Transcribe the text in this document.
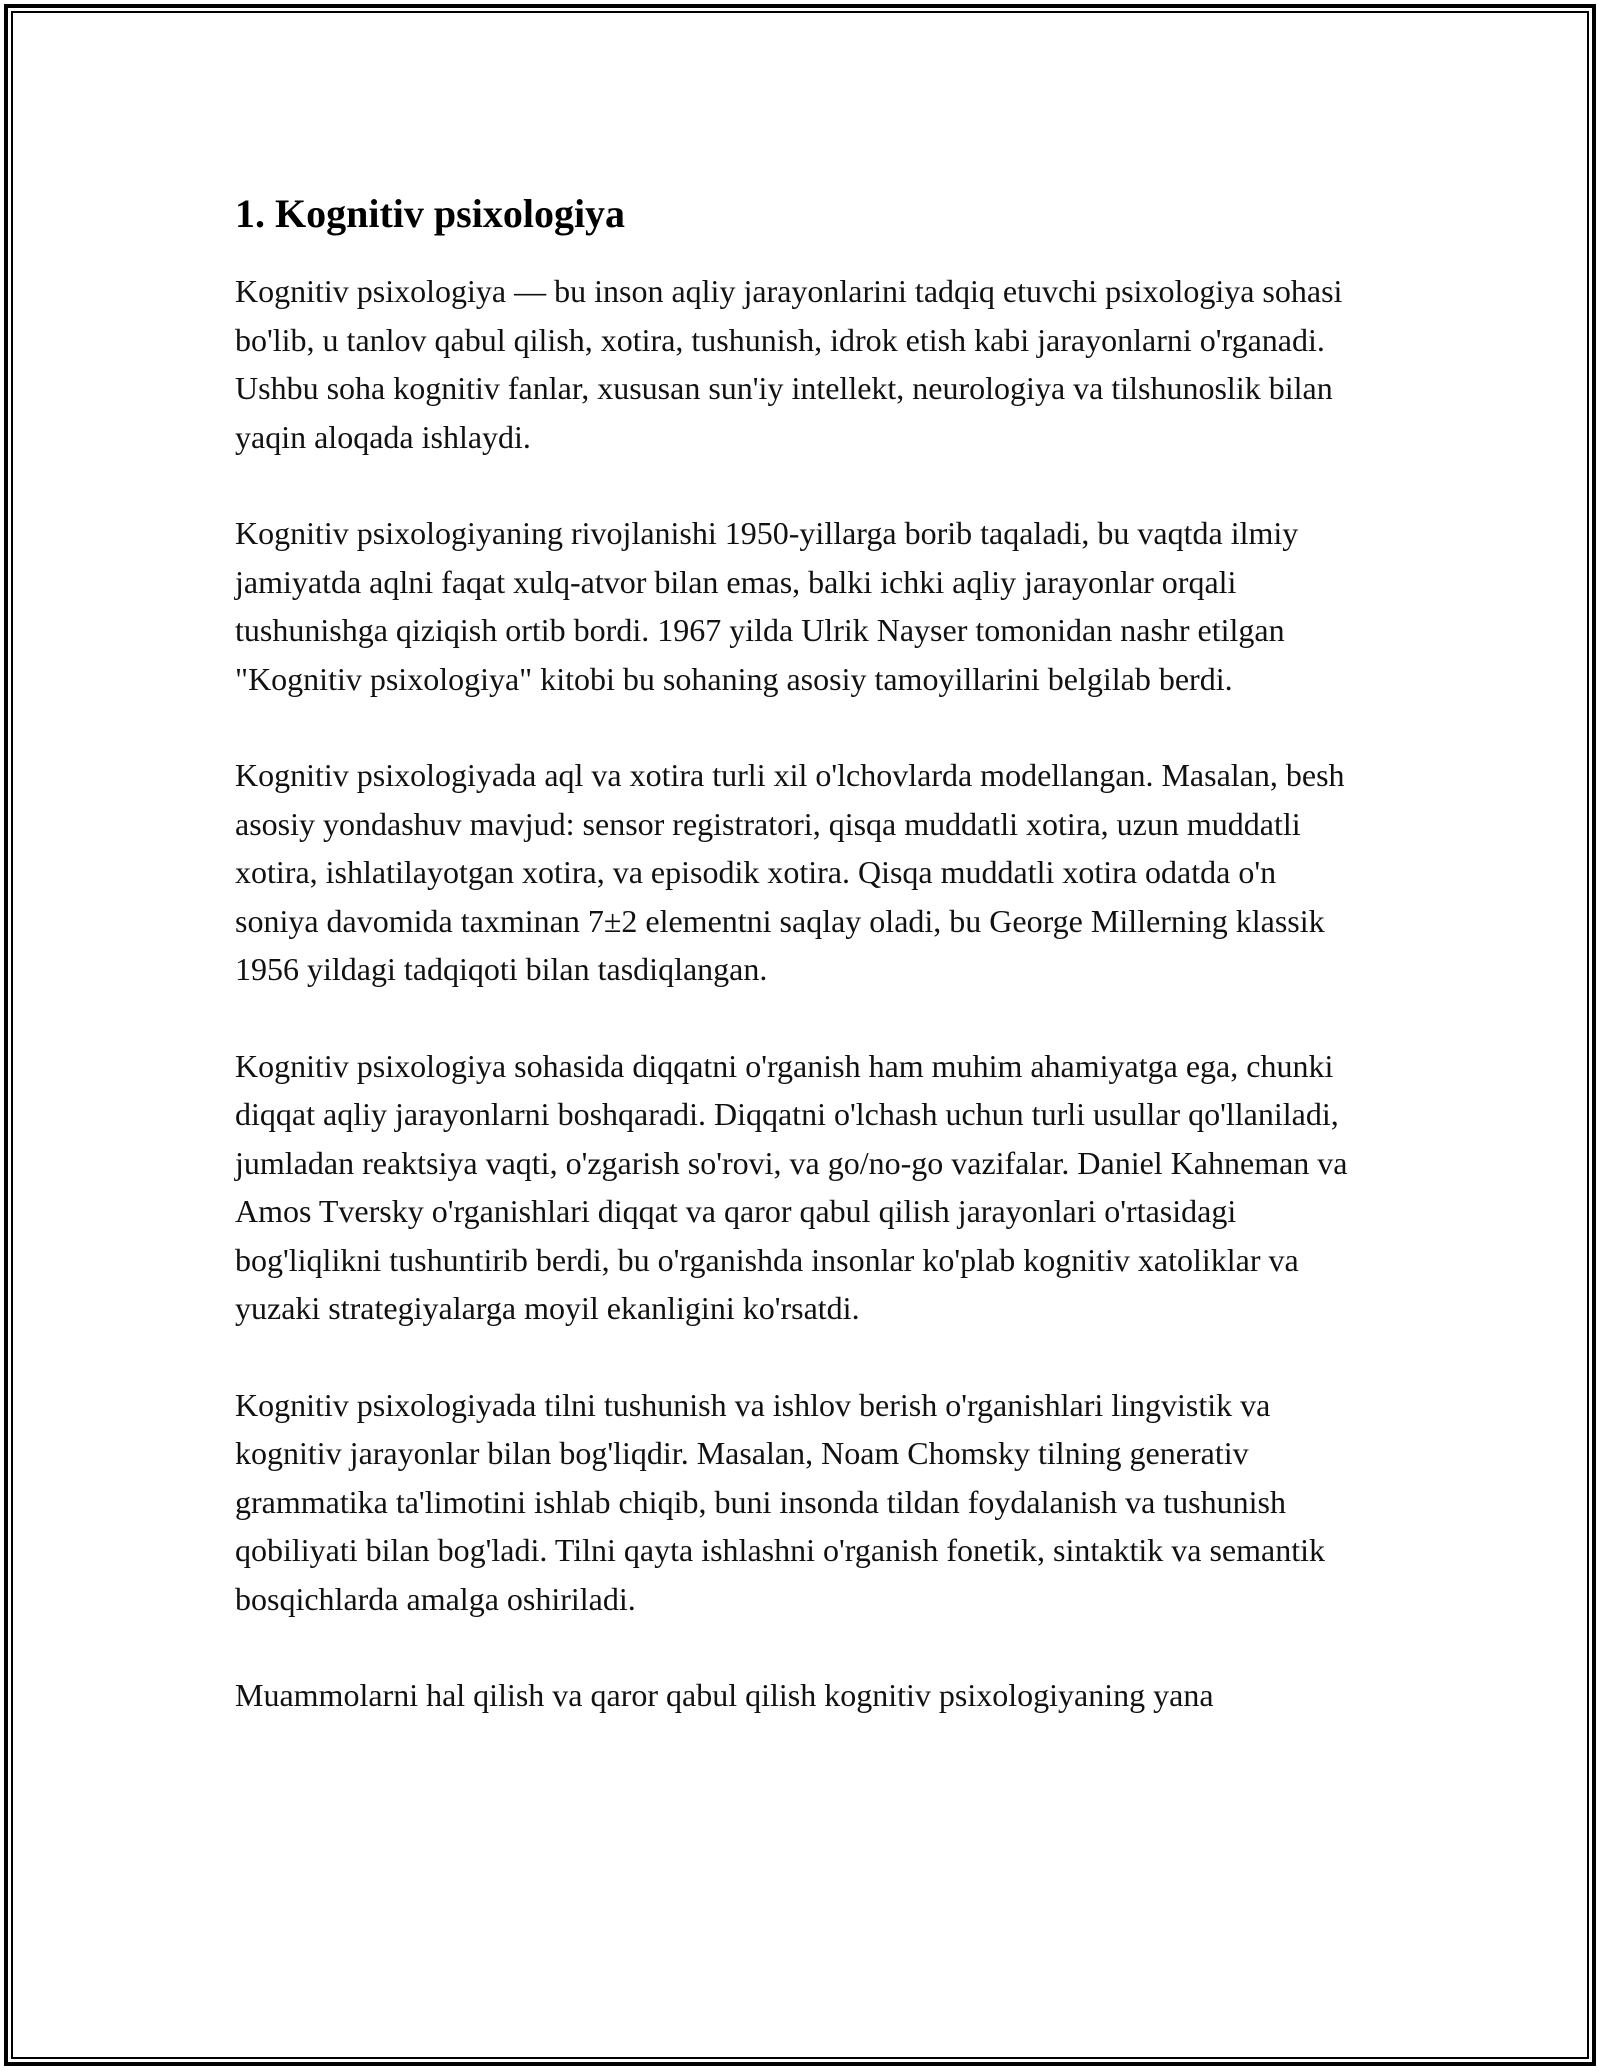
1. Kognitiv psixologiya

Kognitiv psixologiya — bu inson aqliy jarayonlarini tadqiq etuvchi psixologiya sohasi bo'lib, u tanlov qabul qilish, xotira, tushunish, idrok etish kabi jarayonlarni o'rganadi. Ushbu soha kognitiv fanlar, xususan sun'iy intellekt, neurologiya va tilshunoslik bilan yaqin aloqada ishlaydi.

Kognitiv psixologiyaning rivojlanishi 1950-yillarga borib taqaladi, bu vaqtda ilmiy jamiyatda aqlni faqat xulq-atvor bilan emas, balki ichki aqliy jarayonlar orqali tushunishga qiziqish ortib bordi. 1967 yilda Ulrik Nayser tomonidan nashr etilgan "Kognitiv psixologiya" kitobi bu sohaning asosiy tamoyillarini belgilab berdi.

Kognitiv psixologiyada aql va xotira turli xil o'lchovlarda modellangan. Masalan, besh asosiy yondashuv mavjud: sensor registratori, qisqa muddatli xotira, uzun muddatli xotira, ishlatilayotgan xotira, va episodik xotira. Qisqa muddatli xotira odatda o'n soniya davomida taxminan 7±2 elementni saqlay oladi, bu George Millerning klassik 1956 yildagi tadqiqoti bilan tasdiqlangan.

Kognitiv psixologiya sohasida diqqatni o'rganish ham muhim ahamiyatga ega, chunki diqqat aqliy jarayonlarni boshqaradi. Diqqatni o'lchash uchun turli usullar qo'llaniladi, jumladan reaktsiya vaqti, o'zgarish so'rovi, va go/no-go vazifalar. Daniel Kahneman va Amos Tversky o'rganishlari diqqat va qaror qabul qilish jarayonlari o'rtasidagi bog'liqlikni tushuntirib berdi, bu o'rganishda insonlar ko'plab kognitiv xatoliklar va yuzaki strategiyalarga moyil ekanligini ko'rsatdi.

Kognitiv psixologiyada tilni tushunish va ishlov berish o'rganishlari lingvistik va kognitiv jarayonlar bilan bog'liqdir. Masalan, Noam Chomsky tilning generativ grammatika ta'limotini ishlab chiqib, buni insonda tildan foydalanish va tushunish qobiliyati bilan bog'ladi. Tilni qayta ishlashni o'rganish fonetik, sintaktik va semantik bosqichlarda amalga oshiriladi.

Muammolarni hal qilish va qaror qabul qilish kognitiv psixologiyaning yana
